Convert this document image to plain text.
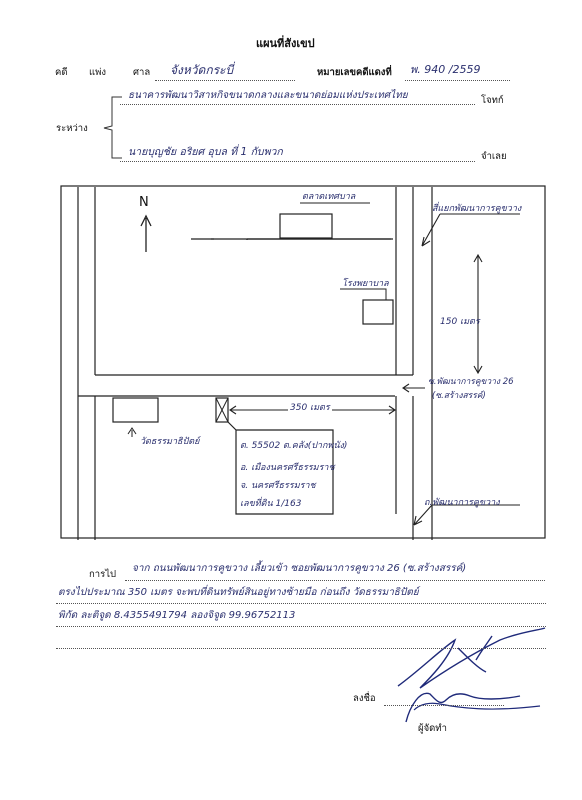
แผนที่สังเขป
คดี แพ่ง	ศาล จังหวัดกระบี่	หมายเลขคดีแดงที่ พ. 940 /2559
ระหว่าง
ธนาคารพัฒนาวิสาหกิจขนาดกลางและขนาดย่อมแห่งประเทศไทย	โจทก์
นายบุญชัย อริยศ อุบล ที่ 1 กับพวก	จำเลย
N	ตลาดเทศบาล
สี่แยกพัฒนาการคูขวาง
โรงพยาบาล
150 เมตร
ซ.พัฒนาการคูขวาง 26
(ซ.สร้างสรรค์)
350 เมตร
วัดธรรมาธิปัตย์	ต. 55502 ต.คลัง(ปากพนัง)
อ. เมืองนครศรีธรรมราช
จ. นครศรีธรรมราช
เลขที่ดิน 1/163	ถ.พัฒนาการคูขวาง
การไป
จาก ถนนพัฒนาการคูขวาง เลี้ยวเข้า ซอยพัฒนาการคูขวาง 26 (ซ.สร้างสรรค์)
ตรงไปประมาณ 350 เมตร จะพบที่ดินทรัพย์สินอยู่ทางซ้ายมือ ก่อนถึง วัดธรรมาธิปัตย์
พิกัด ละติจูด 8.4355491794 ลองจิจูด 99.96752113
ลงชื่อ
ผู้จัดทำ
